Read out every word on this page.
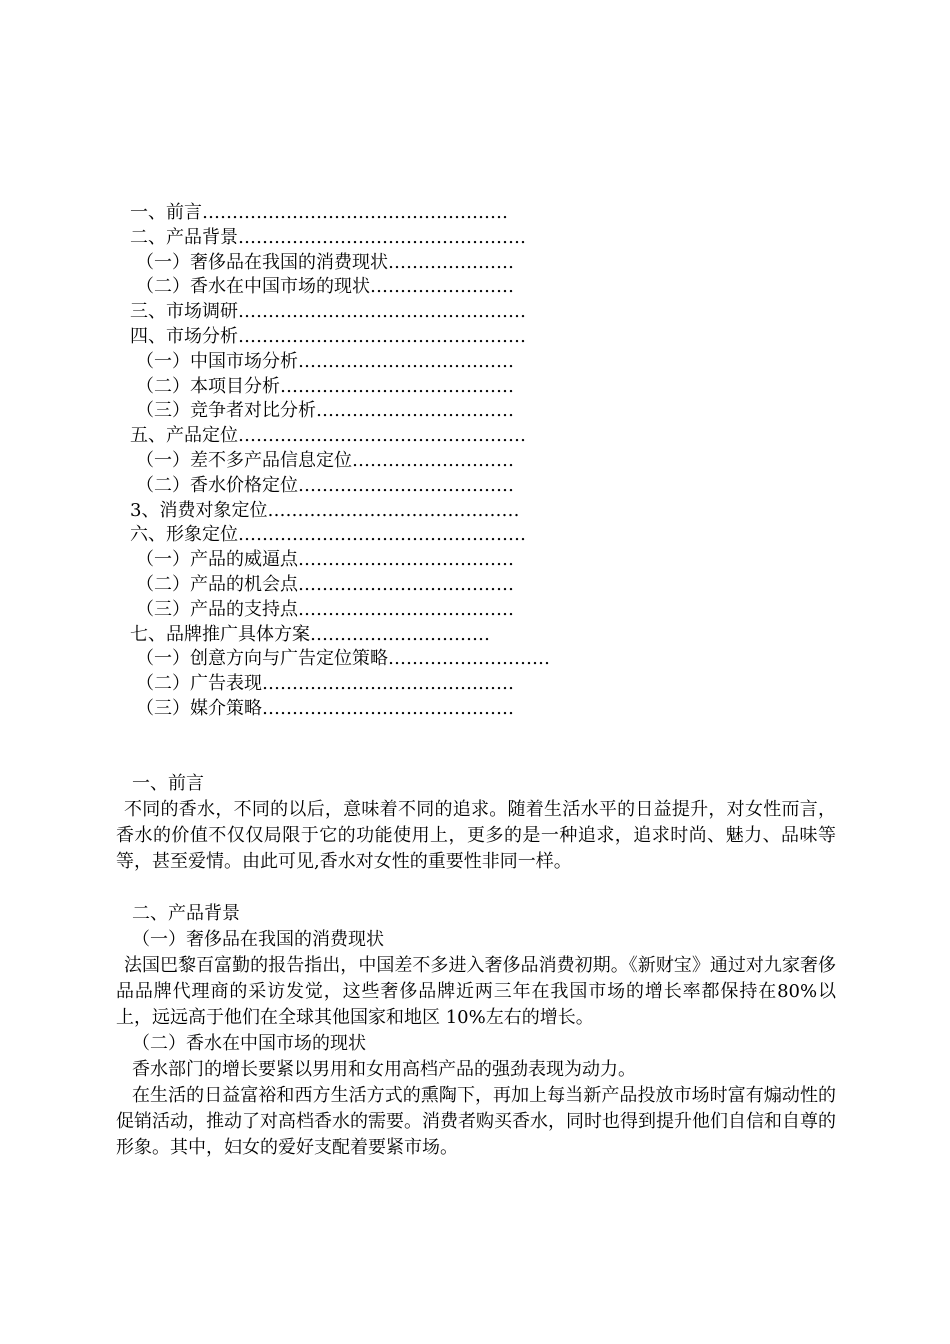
一、前言……………………………………………
二、产品背景…………………………………………
（一）奢侈品在我国的消费现状…………………
（二）香水在中国市场的现状……………………
三、市场调研…………………………………………
四、市场分析…………………………………………
（一）中国市场分析………………………………
（二）本项目分析…………………………………
（三）竞争者对比分析……………………………
五、产品定位…………………………………………
（一）差不多产品信息定位………………………
（二）香水价格定位………………………………
3、消费对象定位……………………………………
六、形象定位…………………………………………
（一）产品的威逼点………………………………
（二）产品的机会点………………………………
（三）产品的支持点………………………………
七、品牌推广具体方案…………………………
（一）创意方向与广告定位策略………………………
（二）广告表现……………………………………
（三）媒介策略……………………………………
一、前言

不同的香水，不同的以后，意味着不同的追求。随着生活水平的日益提升，对女性而言，香水的价值不仅仅局限于它的功能使用上，更多的是一种追求，追求时尚、魅力、品味等等，甚至爱情。由此可见,香水对女性的重要性非同一样。

二、产品背景
（一）奢侈品在我国的消费现状

法国巴黎百富勤的报告指出，中国差不多进入奢侈品消费初期。《新财宝》通过对九家奢侈品品牌代理商的采访发觉，这些奢侈品牌近两三年在我国市场的增长率都保持在80%以上，远远高于他们在全球其他国家和地区 10%左右的增长。

（二）香水在中国市场的现状

香水部门的增长要紧以男用和女用高档产品的强劲表现为动力。

在生活的日益富裕和西方生活方式的熏陶下，再加上每当新产品投放市场时富有煽动性的促销活动，推动了对高档香水的需要。消费者购买香水，同时也得到提升他们自信和自尊的形象。其中，妇女的爱好支配着要紧市场。
